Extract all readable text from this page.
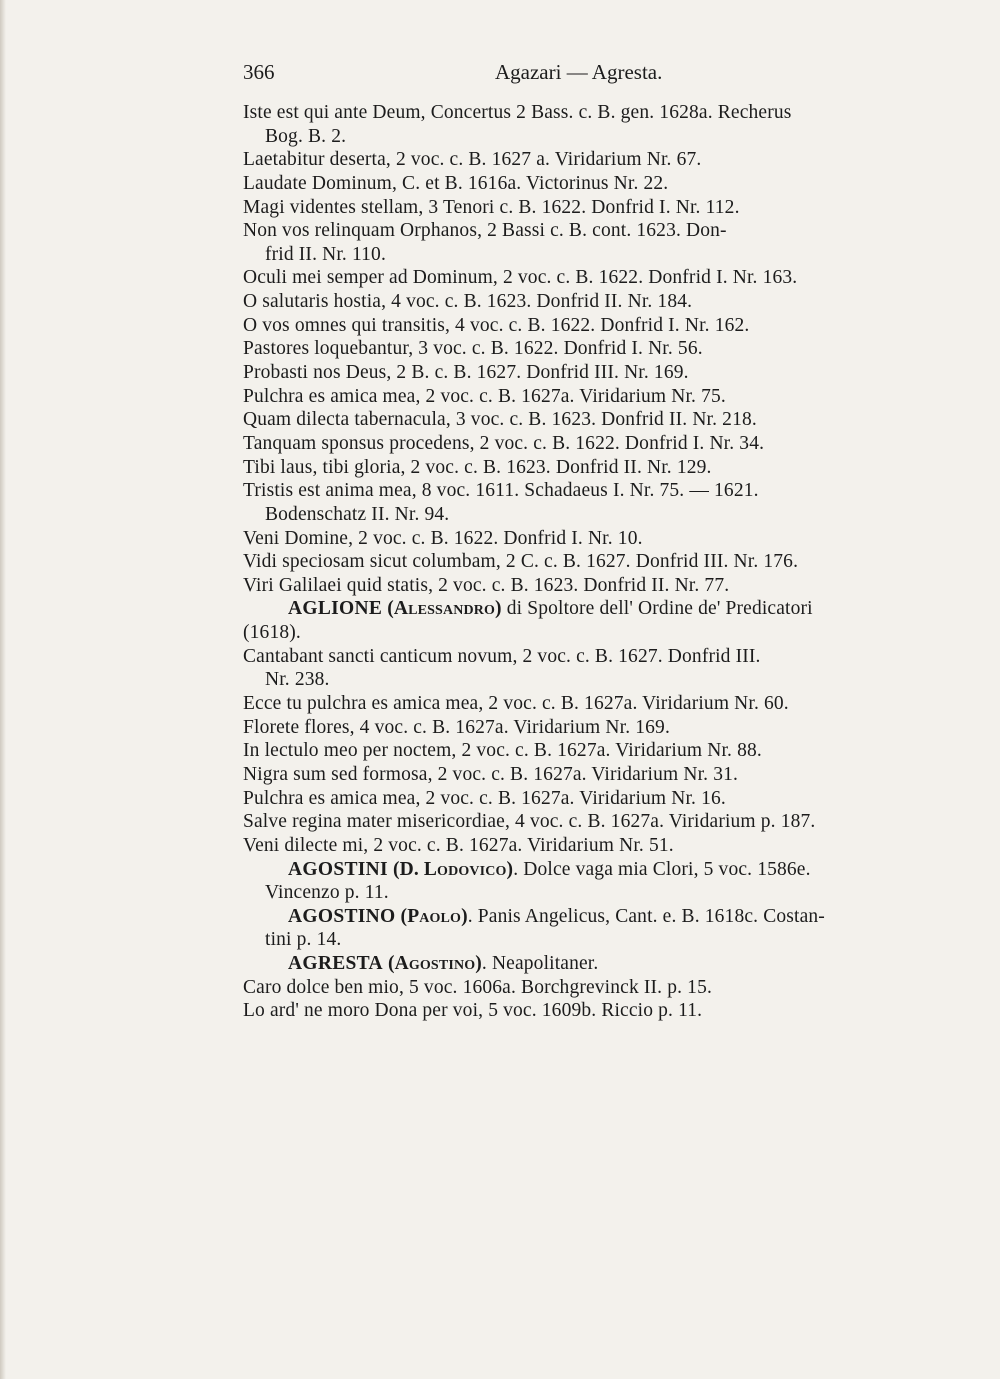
366	Agazari — Agresta.
Iste est qui ante Deum, Concertus 2 Bass. c. B. gen. 1628a. Recherus
Bog. B. 2.
Laetabitur deserta, 2 voc. c. B. 1627 a. Viridarium Nr. 67.
Laudate Dominum, C. et B. 1616a. Victorinus Nr. 22.
Magi videntes stellam, 3 Tenori c. B. 1622. Donfrid I. Nr. 112.
Non vos relinquam Orphanos, 2 Bassi c. B. cont. 1623. Don-
frid II. Nr. 110.
Oculi mei semper ad Dominum, 2 voc. c. B. 1622. Donfrid I. Nr. 163.
O salutaris hostia, 4 voc. c. B. 1623. Donfrid II. Nr. 184.
O vos omnes qui transitis, 4 voc. c. B. 1622. Donfrid I. Nr. 162.
Pastores loquebantur, 3 voc. c. B. 1622. Donfrid I. Nr. 56.
Probasti nos Deus, 2 B. c. B. 1627. Donfrid III. Nr. 169.
Pulchra es amica mea, 2 voc. c. B. 1627a. Viridarium Nr. 75.
Quam dilecta tabernacula, 3 voc. c. B. 1623. Donfrid II. Nr. 218.
Tanquam sponsus procedens, 2 voc. c. B. 1622. Donfrid I. Nr. 34.
Tibi laus, tibi gloria, 2 voc. c. B. 1623. Donfrid II. Nr. 129.
Tristis est anima mea, 8 voc. 1611. Schadaeus I. Nr. 75. — 1621.
Bodenschatz II. Nr. 94.
Veni Domine, 2 voc. c. B. 1622. Donfrid I. Nr. 10.
Vidi speciosam sicut columbam, 2 C. c. B. 1627. Donfrid III. Nr. 176.
Viri Galilaei quid statis, 2 voc. c. B. 1623. Donfrid II. Nr. 77.
AGLIONE (Alessandro) di Spoltore dell' Ordine de' Predicatori
(1618).
Cantabant sancti canticum novum, 2 voc. c. B. 1627. Donfrid III.
Nr. 238.
Ecce tu pulchra es amica mea, 2 voc. c. B. 1627a. Viridarium Nr. 60.
Florete flores, 4 voc. c. B. 1627a. Viridarium Nr. 169.
In lectulo meo per noctem, 2 voc. c. B. 1627a. Viridarium Nr. 88.
Nigra sum sed formosa, 2 voc. c. B. 1627a. Viridarium Nr. 31.
Pulchra es amica mea, 2 voc. c. B. 1627a. Viridarium Nr. 16.
Salve regina mater misericordiae, 4 voc. c. B. 1627a. Viridarium p. 187.
Veni dilecte mi, 2 voc. c. B. 1627a. Viridarium Nr. 51.
AGOSTINI (D. Lodovico). Dolce vaga mia Clori, 5 voc. 1586e.
Vincenzo p. 11.
AGOSTINO (Paolo). Panis Angelicus, Cant. e. B. 1618c. Costan-
tini p. 14.
AGRESTA (Agostino). Neapolitaner.
Caro dolce ben mio, 5 voc. 1606a. Borchgrevinck II. p. 15.
Lo ard' ne moro Dona per voi, 5 voc. 1609b. Riccio p. 11.
